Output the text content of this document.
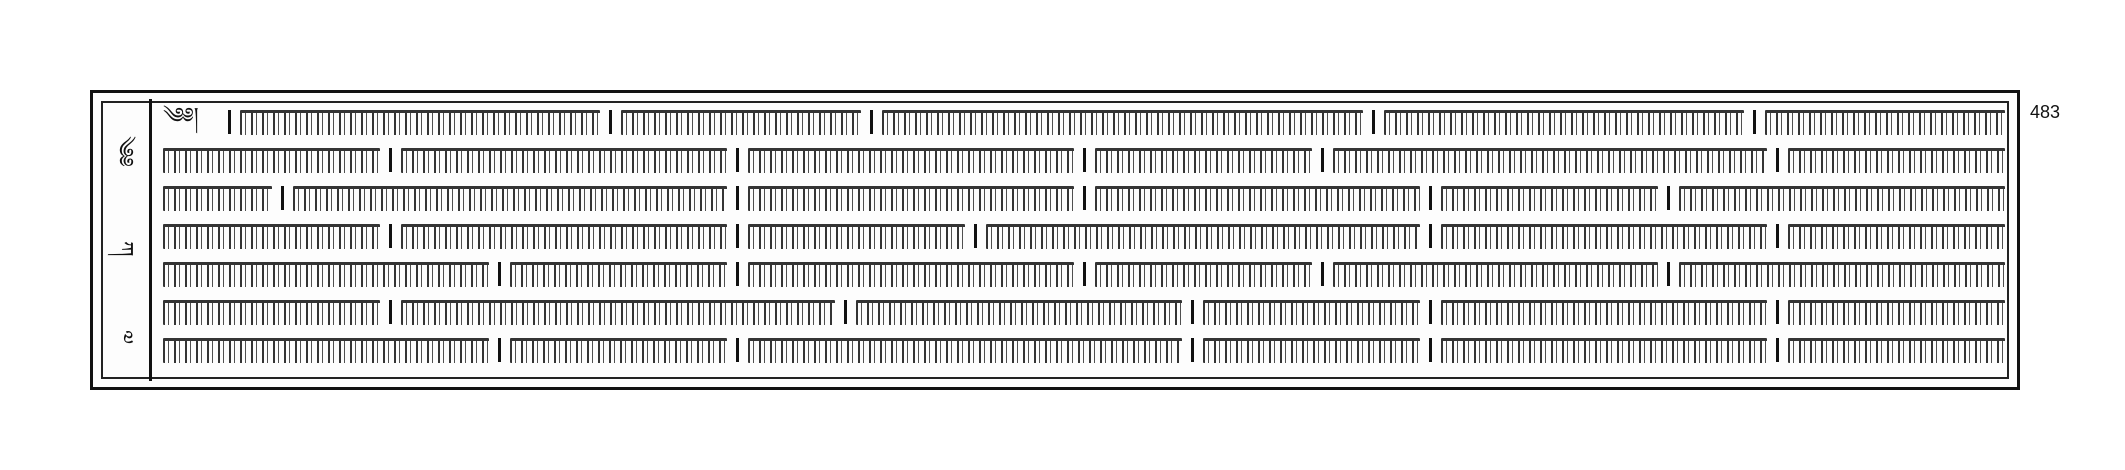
༄༅
ཀ
༧
༄༅།	483
